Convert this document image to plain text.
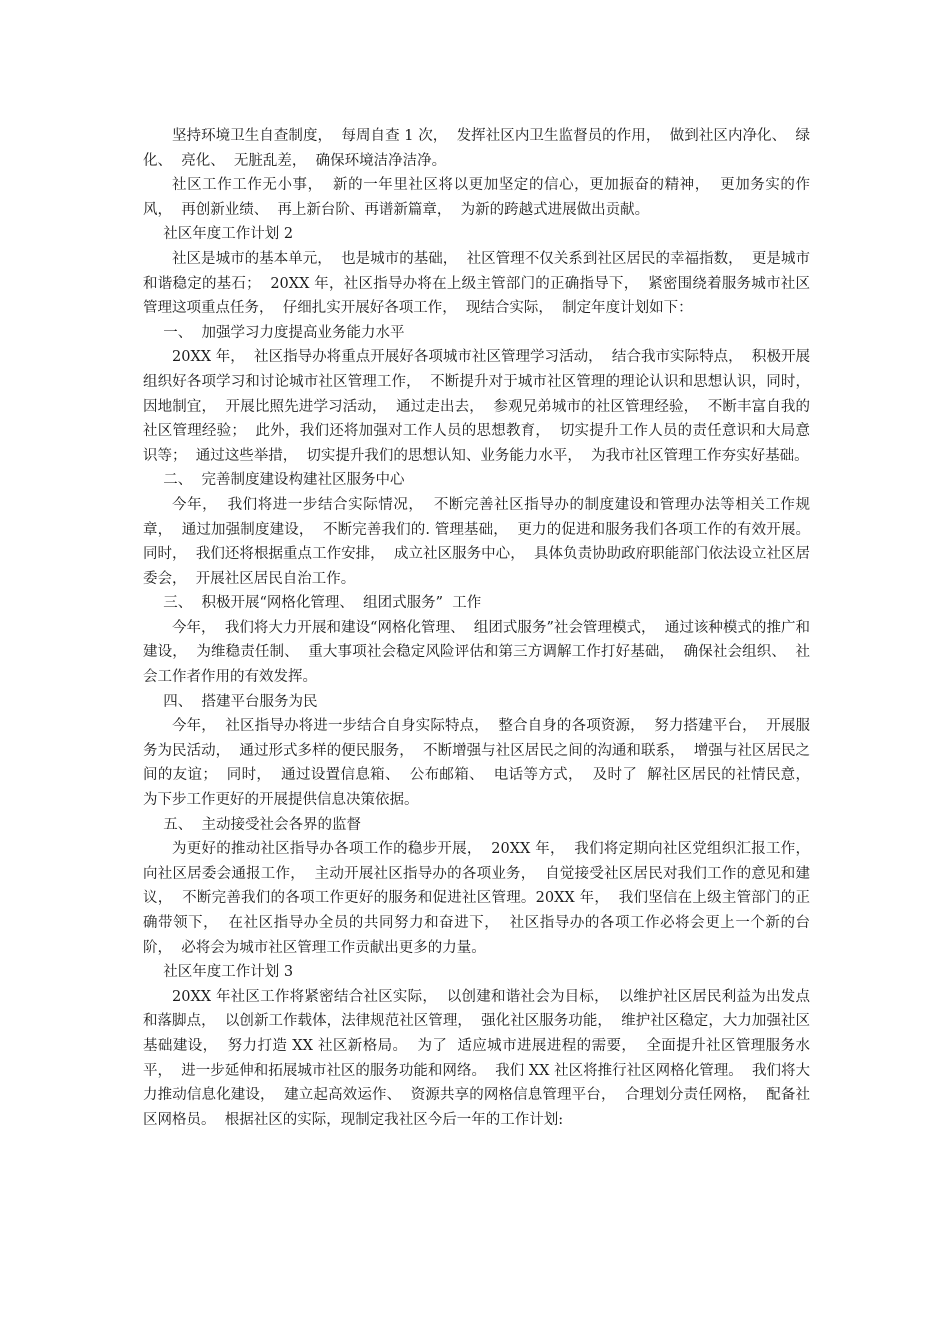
坚持环境卫生自查制度，  每周自查 1 次，  发挥社区内卫生监督员的作用，  做到社区内净化、  绿化、  亮化、  无脏乱差，  确保环境洁净洁净。

社区工作工作无小事，  新的一年里社区将以更加坚定的信心，更加振奋的精神，  更加务实的作风，  再创新业绩、  再上新台阶、再谱新篇章，  为新的跨越式进展做出贡献。

社区年度工作计划 2

社区是城市的基本单元，  也是城市的基础，  社区管理不仅关系到社区居民的幸福指数，  更是城市和谐稳定的基石；  20XX 年，社区指导办将在上级主管部门的正确指导下，  紧密围绕着服务城市社区管理这项重点任务，  仔细扎实开展好各项工作，  现结合实际，  制定年度计划如下：

一、  加强学习力度提高业务能力水平

20XX 年，  社区指导办将重点开展好各项城市社区管理学习活动，  结合我市实际特点，  积极开展组织好各项学习和讨论城市社区管理工作，  不断提升对于城市社区管理的理论认识和思想认识，同时，  因地制宜，  开展比照先进学习活动，  通过走出去，  参观兄弟城市的社区管理经验，  不断丰富自我的社区管理经验；  此外，我们还将加强对工作人员的思想教育，  切实提升工作人员的责任意识和大局意识等；  通过这些举措，  切实提升我们的思想认知、业务能力水平，  为我市社区管理工作夯实好基础。

二、  完善制度建设构建社区服务中心

今年，  我们将进一步结合实际情况，  不断完善社区指导办的制度建设和管理办法等相关工作规章，  通过加强制度建设，  不断完善我们的. 管理基础，  更力的促进和服务我们各项工作的有效开展。  同时，  我们还将根据重点工作安排，  成立社区服务中心，  具体负责协助政府职能部门依法设立社区居委会，  开展社区居民自治工作。

三、  积极开展“网格化管理、  组团式服务”  工作

今年，  我们将大力开展和建设“网格化管理、  组团式服务”社会管理模式，  通过该种模式的推广和建设，  为维稳责任制、  重大事项社会稳定风险评估和第三方调解工作打好基础，  确保社会组织、  社会工作者作用的有效发挥。

四、  搭建平台服务为民

今年，  社区指导办将进一步结合自身实际特点，  整合自身的各项资源，  努力搭建平台，  开展服务为民活动，  通过形式多样的便民服务，  不断增强与社区居民之间的沟通和联系，  增强与社区居民之间的友谊；  同时，  通过设置信息箱、  公布邮箱、  电话等方式，  及时了  解社区居民的社情民意，  为下步工作更好的开展提供信息决策依据。

五、  主动接受社会各界的监督

为更好的推动社区指导办各项工作的稳步开展，  20XX 年，  我们将定期向社区党组织汇报工作，  向社区居委会通报工作，  主动开展社区指导办的各项业务，  自觉接受社区居民对我们工作的意见和建议，  不断完善我们的各项工作更好的服务和促进社区管理。20XX 年，  我们坚信在上级主管部门的正确带领下，  在社区指导办全员的共同努力和奋进下，  社区指导办的各项工作必将会更上一个新的台阶，  必将会为城市社区管理工作贡献出更多的力量。

社区年度工作计划 3

20XX 年社区工作将紧密结合社区实际，  以创建和谐社会为目标，  以维护社区居民利益为出发点和落脚点，  以创新工作载体，法律规范社区管理，  强化社区服务功能，  维护社区稳定，大力加强社区基础建设，  努力打造 XX 社区新格局。  为了  适应城市进展进程的需要，  全面提升社区管理服务水平，  进一步延伸和拓展城市社区的服务功能和网络。  我们 XX 社区将推行社区网格化管理。  我们将大力推动信息化建设，  建立起高效运作、  资源共享的网格信息管理平台，  合理划分责任网格，  配备社区网格员。  根据社区的实际，现制定我社区今后一年的工作计划:
